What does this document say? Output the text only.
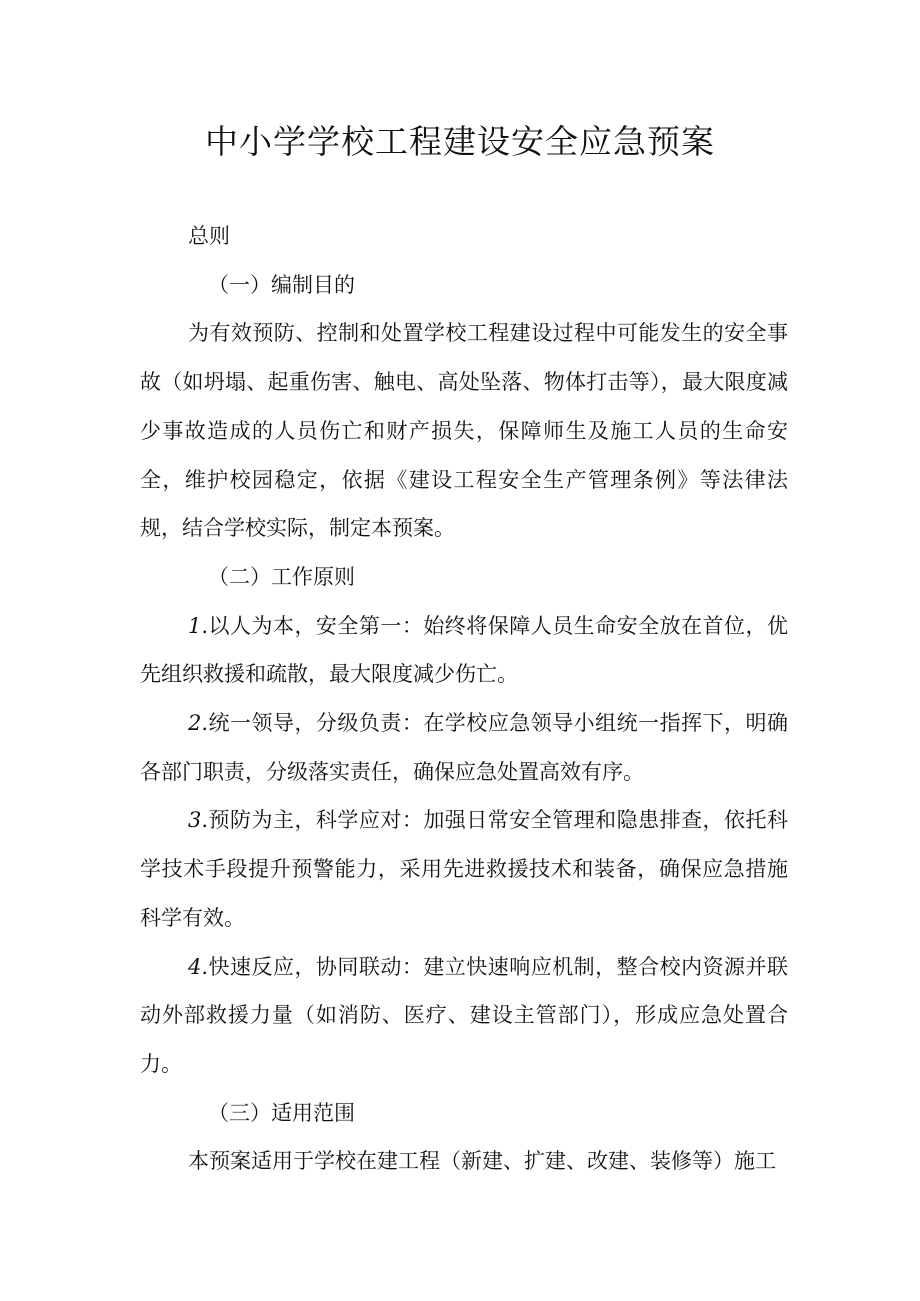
中小学学校工程建设安全应急预案

总则

（一）编制目的

为有效预防、控制和处置学校工程建设过程中可能发生的安全事故（如坍塌、起重伤害、触电、高处坠落、物体打击等），最大限度减少事故造成的人员伤亡和财产损失，保障师生及施工人员的生命安全，维护校园稳定，依据《建设工程安全生产管理条例》等法律法规，结合学校实际，制定本预案。

（二）工作原则

1.以人为本，安全第一：始终将保障人员生命安全放在首位，优先组织救援和疏散，最大限度减少伤亡。

2.统一领导，分级负责：在学校应急领导小组统一指挥下，明确各部门职责，分级落实责任，确保应急处置高效有序。

3.预防为主，科学应对：加强日常安全管理和隐患排查，依托科学技术手段提升预警能力，采用先进救援技术和装备，确保应急措施科学有效。

4.快速反应，协同联动：建立快速响应机制，整合校内资源并联动外部救援力量（如消防、医疗、建设主管部门），形成应急处置合力。

（三）适用范围

本预案适用于学校在建工程（新建、扩建、改建、装修等）施工
